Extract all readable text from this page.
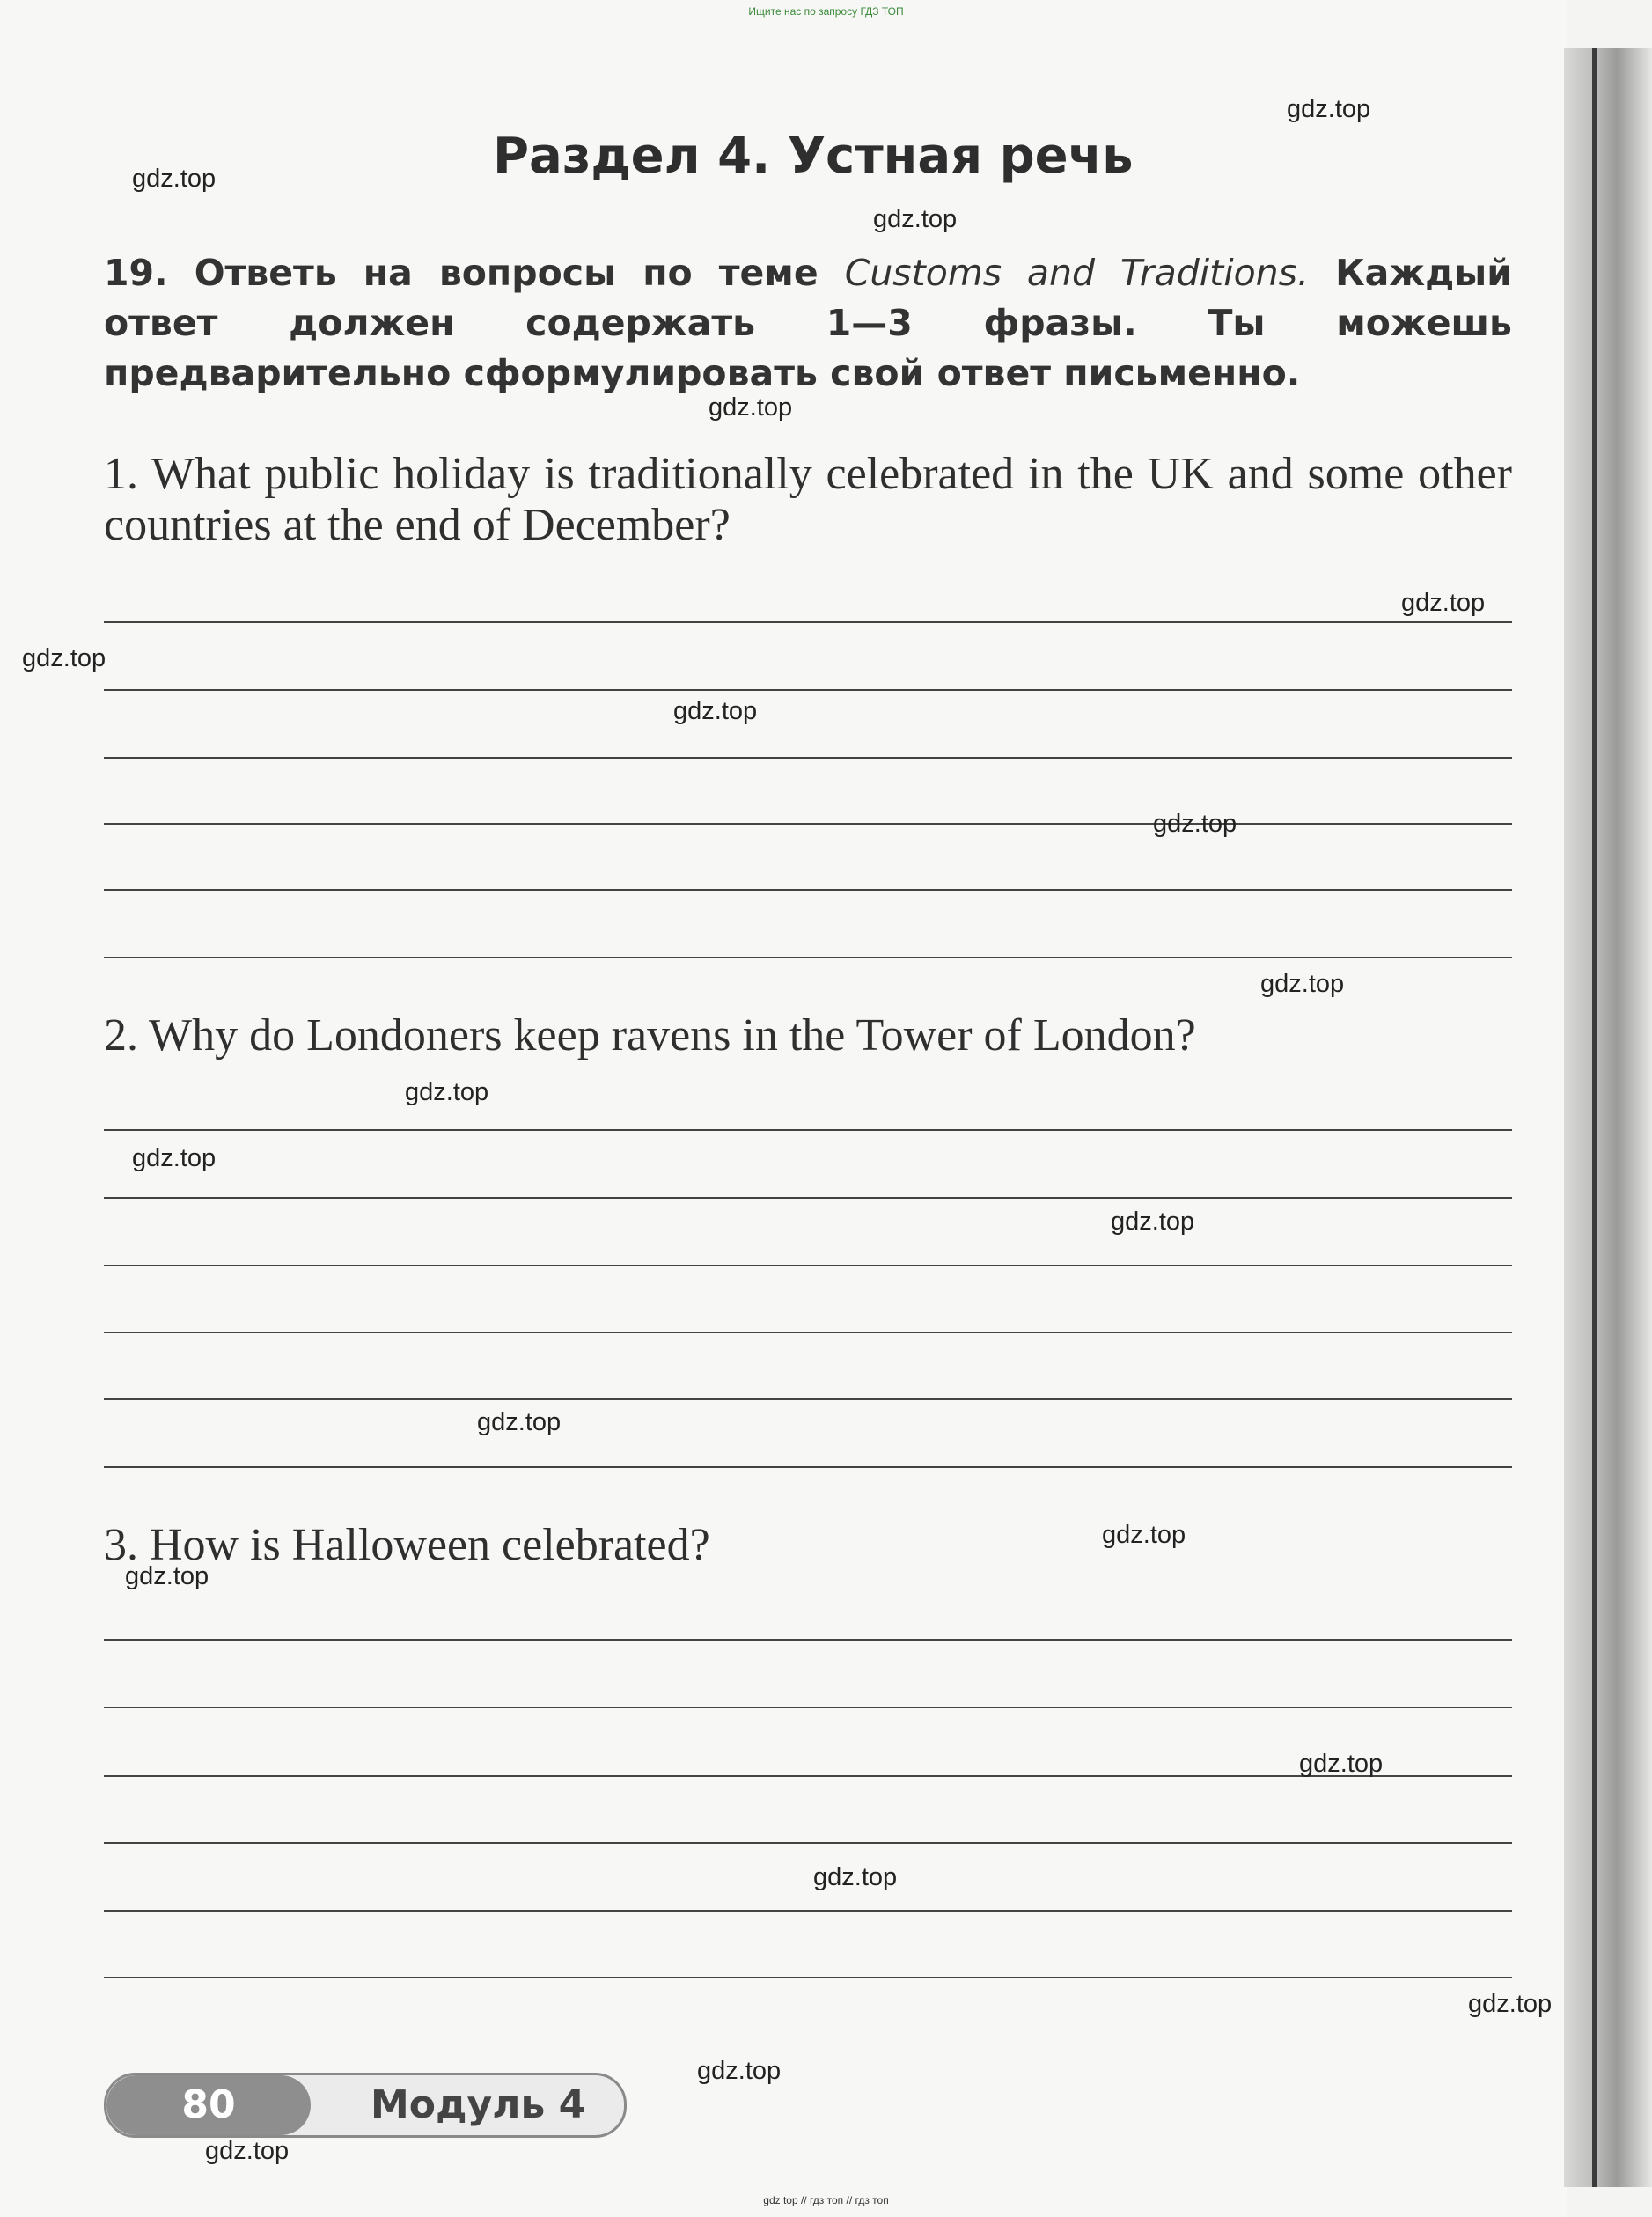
Ищите нас по запросу ГДЗ ТОП
Раздел 4. Устная речь

19. Ответь на вопросы по теме Customs and Traditions. Каждый ответ должен содержать 1—3 фразы. Ты можешь предварительно сформулировать свой ответ письменно.

1. What public holiday is traditionally celebrated in the UK and some other countries at the end of December?

2. Why do Londoners keep ravens in the Tower of London?

3. How is Halloween celebrated?

80	Модуль 4
gdz.top
gdz.top
gdz.top
gdz.top
gdz.top
gdz.top
gdz.top
gdz.top
gdz.top
gdz.top
gdz.top
gdz.top
gdz.top
gdz.top
gdz.top
gdz.top
gdz.top
gdz.top
gdz.top
gdz.top
gdz top // гдз топ // гдз топ
